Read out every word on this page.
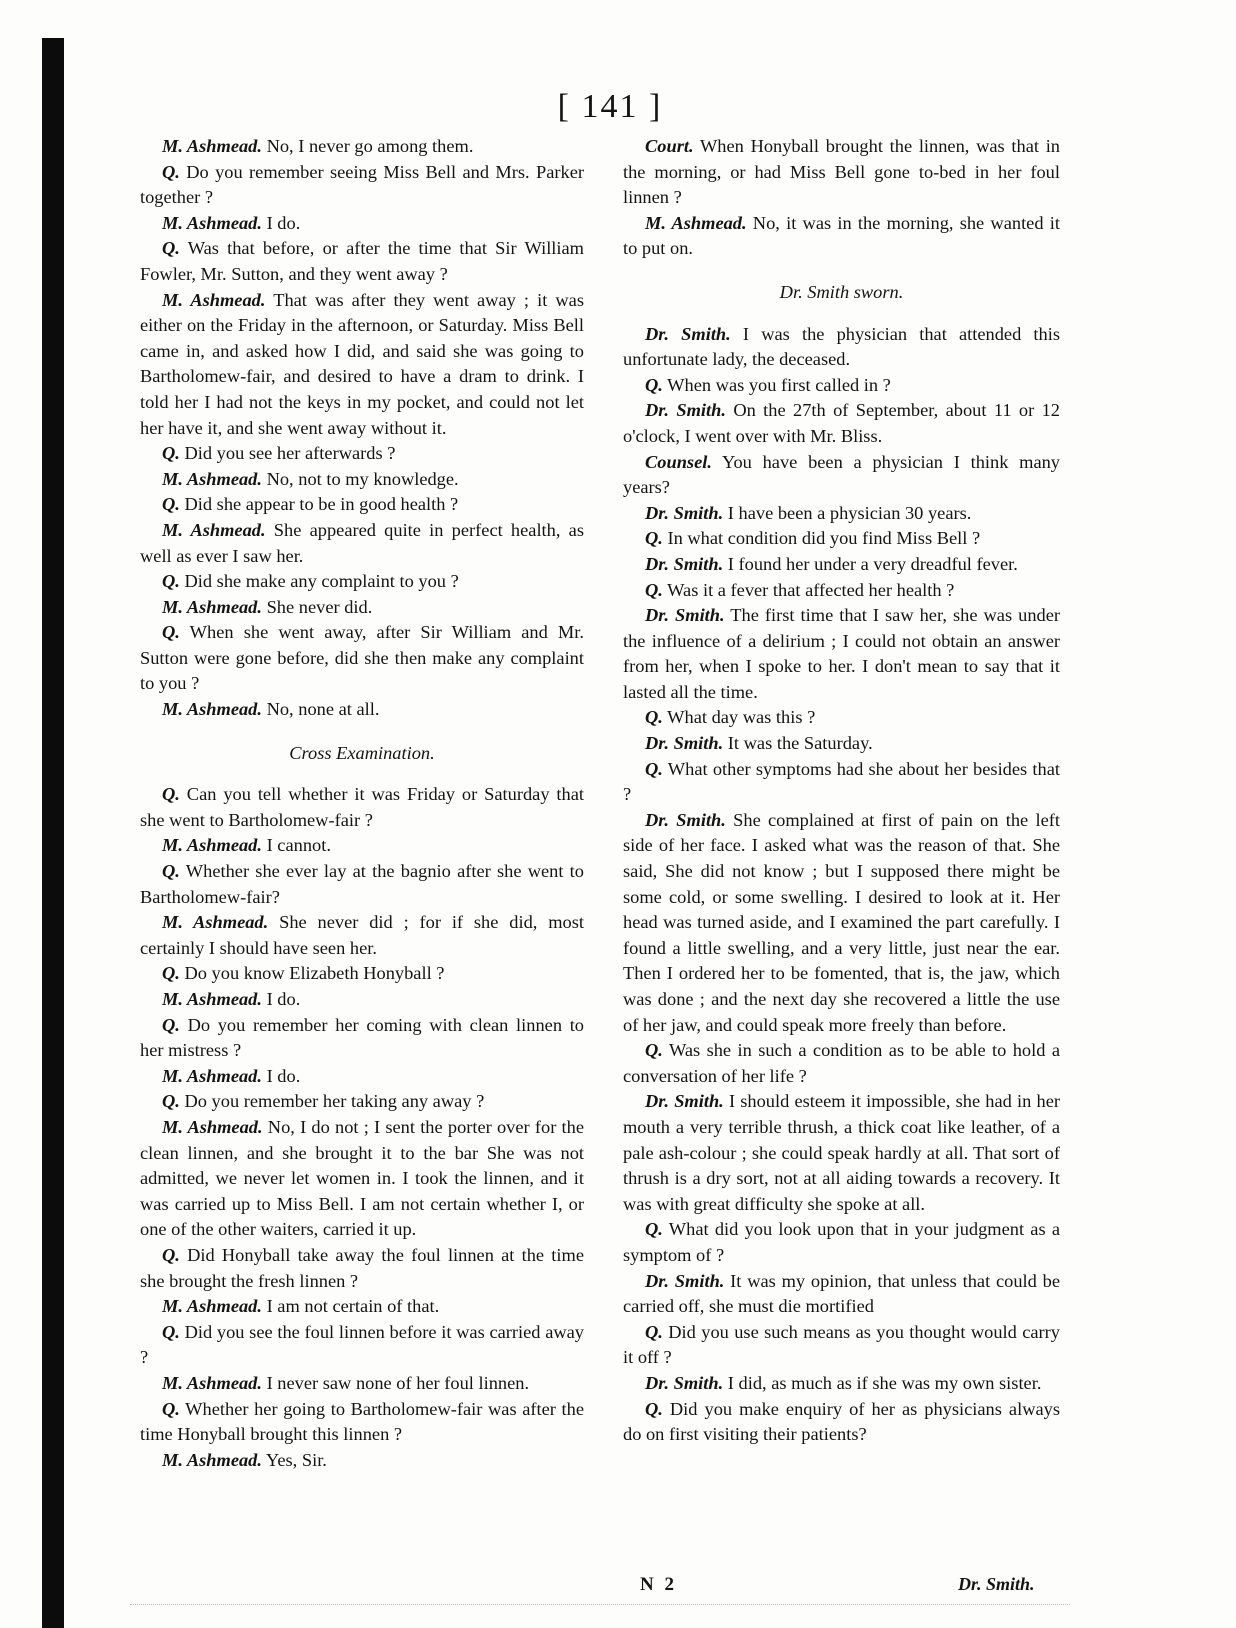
[ 141 ]

M. Ashmead. No, I never go among them.

Q. Do you remember seeing Miss Bell and Mrs. Parker together ?

M. Ashmead. I do.

Q. Was that before, or after the time that Sir William Fowler, Mr. Sutton, and they went away ?

M. Ashmead. That was after they went away ; it was either on the Friday in the afternoon, or Saturday. Miss Bell came in, and asked how I did, and said she was going to Bartholomew-fair, and desired to have a dram to drink. I told her I had not the keys in my pocket, and could not let her have it, and she went away without it.

Q. Did you see her afterwards ?

M. Ashmead. No, not to my knowledge.

Q. Did she appear to be in good health ?

M. Ashmead. She appeared quite in perfect health, as well as ever I saw her.

Q. Did she make any complaint to you ?

M. Ashmead. She never did.

Q. When she went away, after Sir William and Mr. Sutton were gone before, did she then make any complaint to you ?

M. Ashmead. No, none at all.

Cross Examination.

Q. Can you tell whether it was Friday or Saturday that she went to Bartholomew-fair ?

M. Ashmead. I cannot.

Q. Whether she ever lay at the bagnio after she went to Bartholomew-fair?

M. Ashmead. She never did ; for if she did, most certainly I should have seen her.

Q. Do you know Elizabeth Honyball ?

M. Ashmead. I do.

Q. Do you remember her coming with clean linnen to her mistress ?

M. Ashmead. I do.

Q. Do you remember her taking any away ?

M. Ashmead. No, I do not ; I sent the porter over for the clean linnen, and she brought it to the bar She was not admitted, we never let women in. I took the linnen, and it was carried up to Miss Bell. I am not certain whether I, or one of the other waiters, carried it up.

Q. Did Honyball take away the foul linnen at the time she brought the fresh linnen ?

M. Ashmead. I am not certain of that.

Q. Did you see the foul linnen before it was carried away ?

M. Ashmead. I never saw none of her foul linnen.

Q. Whether her going to Bartholomew-fair was after the time Honyball brought this linnen ?

M. Ashmead. Yes, Sir.

Court. When Honyball brought the linnen, was that in the morning, or had Miss Bell gone to-bed in her foul linnen ?

M. Ashmead. No, it was in the morning, she wanted it to put on.

Dr. Smith sworn.

Dr. Smith. I was the physician that attended this unfortunate lady, the deceased.

Q. When was you first called in ?

Dr. Smith. On the 27th of September, about 11 or 12 o'clock, I went over with Mr. Bliss.

Counsel. You have been a physician I think many years?

Dr. Smith. I have been a physician 30 years.

Q. In what condition did you find Miss Bell ?

Dr. Smith. I found her under a very dreadful fever.

Q. Was it a fever that affected her health ?

Dr. Smith. The first time that I saw her, she was under the influence of a delirium ; I could not obtain an answer from her, when I spoke to her. I don't mean to say that it lasted all the time.

Q. What day was this ?

Dr. Smith. It was the Saturday.

Q. What other symptoms had she about her besides that ?

Dr. Smith. She complained at first of pain on the left side of her face. I asked what was the reason of that. She said, She did not know ; but I supposed there might be some cold, or some swelling. I desired to look at it. Her head was turned aside, and I examined the part carefully. I found a little swelling, and a very little, just near the ear. Then I ordered her to be fomented, that is, the jaw, which was done ; and the next day she recovered a little the use of her jaw, and could speak more freely than before.

Q. Was she in such a condition as to be able to hold a conversation of her life ?

Dr. Smith. I should esteem it impossible, she had in her mouth a very terrible thrush, a thick coat like leather, of a pale ash-colour ; she could speak hardly at all. That sort of thrush is a dry sort, not at all aiding towards a recovery. It was with great difficulty she spoke at all.

Q. What did you look upon that in your judgment as a symptom of ?

Dr. Smith. It was my opinion, that unless that could be carried off, she must die mortified

Q. Did you use such means as you thought would carry it off ?

Dr. Smith. I did, as much as if she was my own sister.

Q. Did you make enquiry of her as physicians always do on first visiting their patients?

N 2	Dr. Smith.
